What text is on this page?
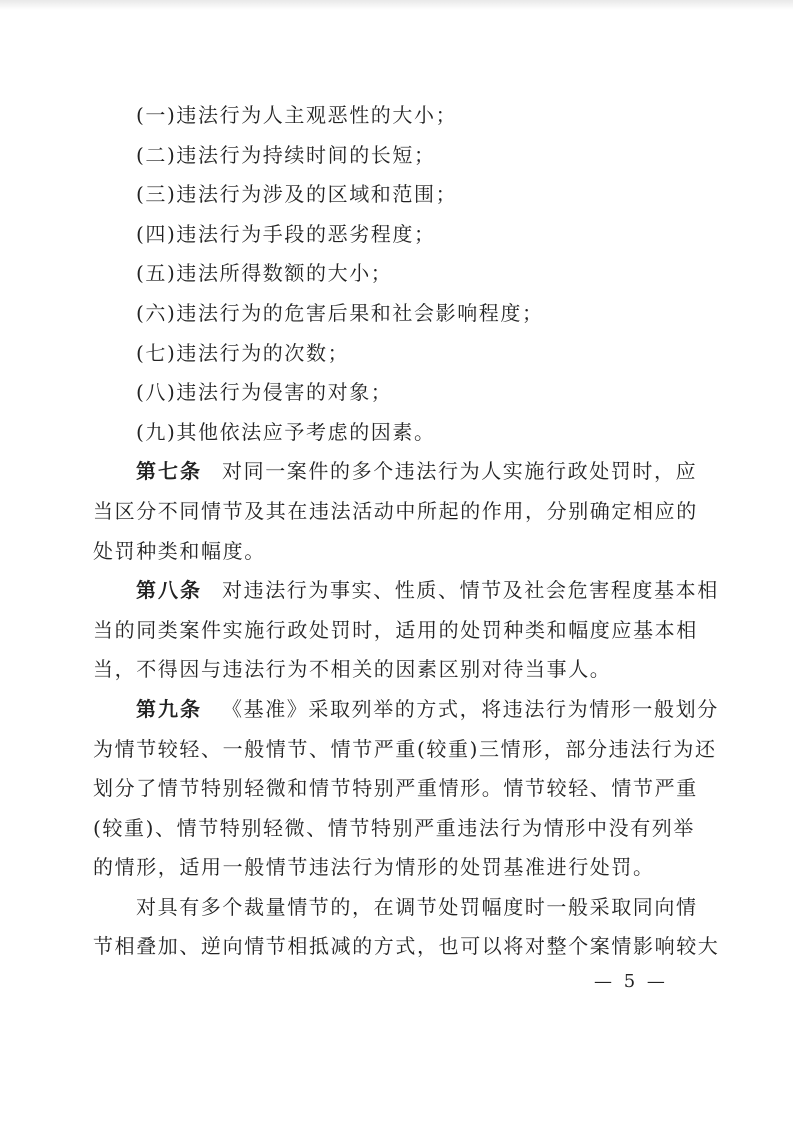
(一)违法行为人主观恶性的大小；

(二)违法行为持续时间的长短；

(三)违法行为涉及的区域和范围；

(四)违法行为手段的恶劣程度；

(五)违法所得数额的大小；

(六)违法行为的危害后果和社会影响程度；

(七)违法行为的次数；

(八)违法行为侵害的对象；

(九)其他依法应予考虑的因素。

第七条 对同一案件的多个违法行为人实施行政处罚时，应

当区分不同情节及其在违法活动中所起的作用，分别确定相应的

处罚种类和幅度。

第八条 对违法行为事实、性质、情节及社会危害程度基本相

当的同类案件实施行政处罚时，适用的处罚种类和幅度应基本相

当，不得因与违法行为不相关的因素区别对待当事人。

第九条 《基准》采取列举的方式，将违法行为情形一般划分

为情节较轻、一般情节、情节严重(较重)三情形，部分违法行为还

划分了情节特别轻微和情节特别严重情形。情节较轻、情节严重

(较重)、情节特别轻微、情节特别严重违法行为情形中没有列举

的情形，适用一般情节违法行为情形的处罚基准进行处罚。

对具有多个裁量情节的，在调节处罚幅度时一般采取同向情

节相叠加、逆向情节相抵减的方式，也可以将对整个案情影响较大

— 5 —
